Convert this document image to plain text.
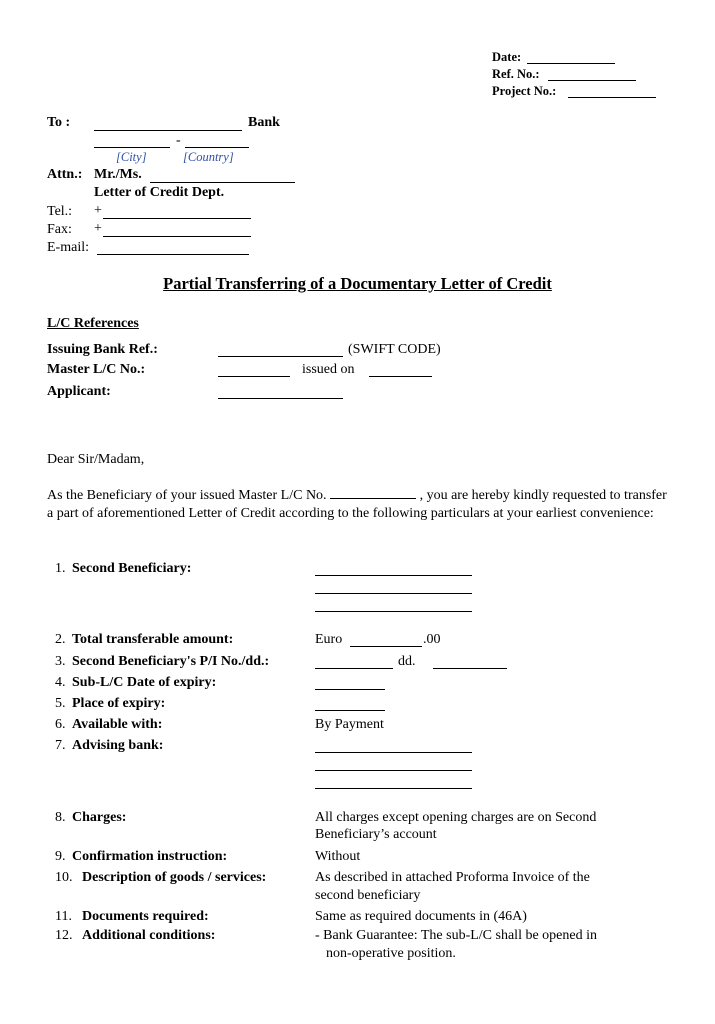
Date:
Ref. No.:
Project No.:
To :	Bank
-
[City]	[Country]
Attn.: Mr./Ms.
Letter of Credit Dept.
Tel.: +
Fax: +
E-mail:
Partial Transferring of a Documentary Letter of Credit
L/C References
Issuing Bank Ref.:	(SWIFT CODE)
Master L/C No.:	issued on
Applicant:
Dear Sir/Madam,
As the Beneficiary of your issued Master L/C No.	, you are hereby kindly requested to transfer a part of aforementioned Letter of Credit according to the following particulars at your earliest convenience:
1. Second Beneficiary:
2. Total transferable amount:	Euro	.00
3. Second Beneficiary's P/I No./dd.:	dd.
4. Sub-L/C Date of expiry:
5. Place of expiry:
6. Available with:	By Payment
7. Advising bank:
8. Charges:	All charges except opening charges are on Second
Beneficiary’s account
9. Confirmation instruction:	Without
10. Description of goods / services:	As described in attached Proforma Invoice of the
second beneficiary
11. Documents required:	Same as required documents in (46A)
12. Additional conditions:	- Bank Guarantee: The sub-L/C shall be opened in
non-operative position.
